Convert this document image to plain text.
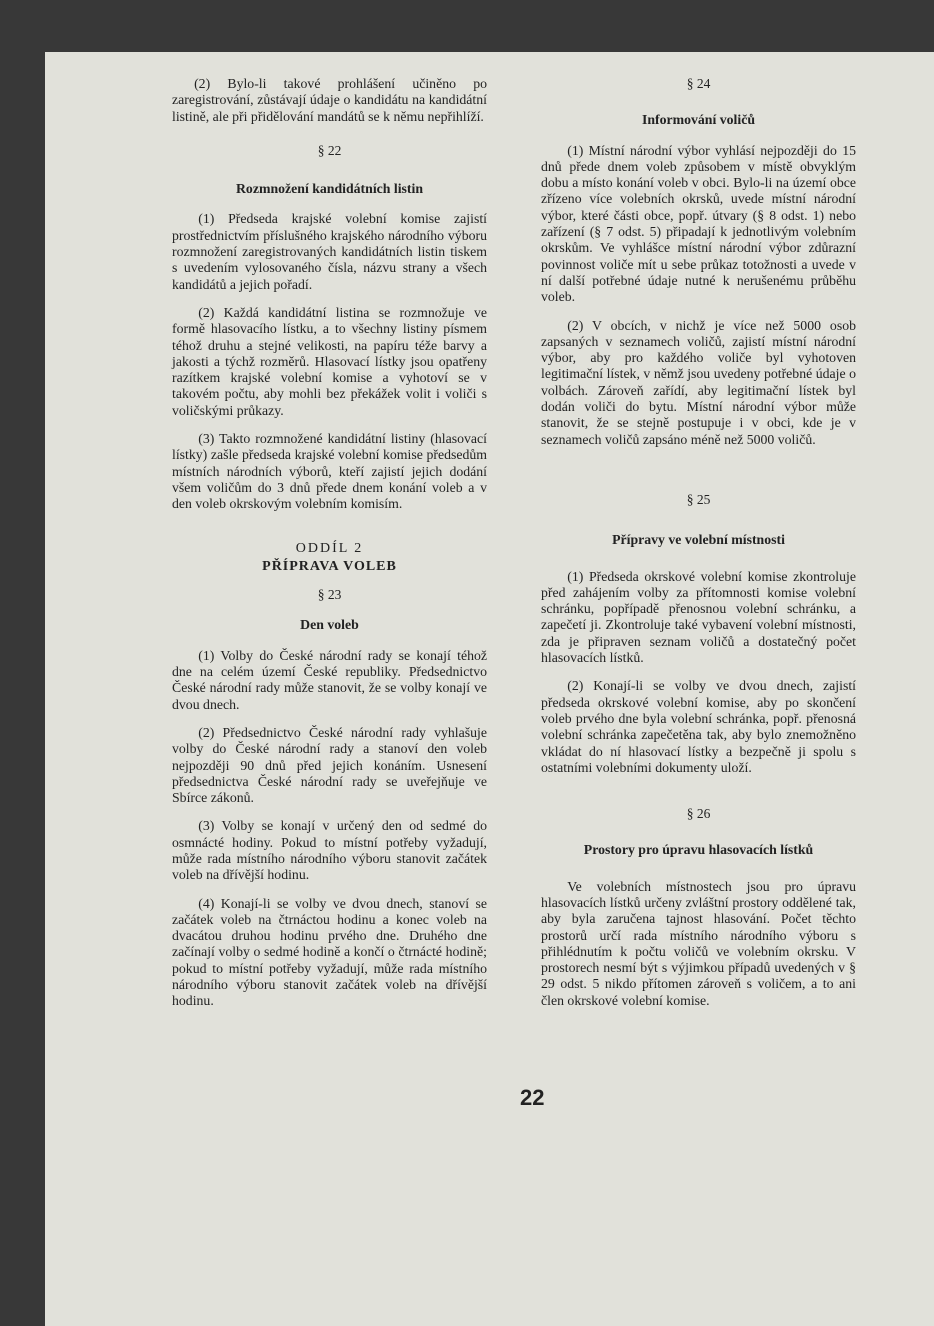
(2) Bylo-li takové prohlášení učiněno po zaregistrování, zůstávají údaje o kandidátu na kandidátní listině, ale při přidělování mandátů se k němu nepřihlíží.

§ 22
Rozmnožení kandidátních listin

(1) Předseda krajské volební komise zajistí prostřednictvím příslušného krajského národního výboru rozmnožení zaregistrovaných kandidátních listin tiskem s uvedením vylosovaného čísla, názvu strany a všech kandidátů a jejich pořadí.

(2) Každá kandidátní listina se rozmnožuje ve formě hlasovacího lístku, a to všechny listiny písmem téhož druhu a stejné velikosti, na papíru téže barvy a jakosti a týchž rozměrů. Hlasovací lístky jsou opatřeny razítkem krajské volební komise a vyhotoví se v takovém počtu, aby mohli bez překážek volit i voliči s voličskými průkazy.

(3) Takto rozmnožené kandidátní listiny (hlasovací lístky) zašle předseda krajské volební komise předsedům místních národních výborů, kteří zajistí jejich dodání všem voličům do 3 dnů přede dnem konání voleb a v den voleb okrskovým volebním komisím.

ODDÍL 2
PŘÍPRAVA VOLEB
§ 23
Den voleb

(1) Volby do České národní rady se konají téhož dne na celém území České republiky. Předsednictvo České národní rady může stanovit, že se volby konají ve dvou dnech.

(2) Předsednictvo České národní rady vyhlašuje volby do České národní rady a stanoví den voleb nejpozději 90 dnů před jejich konáním. Usnesení předsednictva České národní rady se uveřejňuje ve Sbírce zákonů.

(3) Volby se konají v určený den od sedmé do osmnácté hodiny. Pokud to místní potřeby vyžadují, může rada místního národního výboru stanovit začátek voleb na dřívější hodinu.

(4) Konají-li se volby ve dvou dnech, stanoví se začátek voleb na čtrnáctou hodinu a konec voleb na dvacátou druhou hodinu prvého dne. Druhého dne začínají volby o sedmé hodině a končí o čtrnácté hodině; pokud to místní potřeby vyžadují, může rada místního národního výboru stanovit začátek voleb na dřívější hodinu.

§ 24
Informování voličů

(1) Místní národní výbor vyhlásí nejpozději do 15 dnů přede dnem voleb způsobem v místě obvyklým dobu a místo konání voleb v obci. Bylo-li na území obce zřízeno více volebních okrsků, uvede místní národní výbor, které části obce, popř. útvary (§ 8 odst. 1) nebo zařízení (§ 7 odst. 5) připadají k jednotlivým volebním okrskům. Ve vyhlášce místní národní výbor zdůrazní povinnost voliče mít u sebe průkaz totožnosti a uvede v ní další potřebné údaje nutné k nerušenému průběhu voleb.

(2) V obcích, v nichž je více než 5000 osob zapsaných v seznamech voličů, zajistí místní národní výbor, aby pro každého voliče byl vyhotoven legitimační lístek, v němž jsou uvedeny potřebné údaje o volbách. Zároveň zařídí, aby legitimační lístek byl dodán voliči do bytu. Místní národní výbor může stanovit, že se stejně postupuje i v obci, kde je v seznamech voličů zapsáno méně než 5000 voličů.

§ 25
Přípravy ve volební místnosti

(1) Předseda okrskové volební komise zkontroluje před zahájením volby za přítomnosti komise volební schránku, popřípadě přenosnou volební schránku, a zapečetí ji. Zkontroluje také vybavení volební místnosti, zda je připraven seznam voličů a dostatečný počet hlasovacích lístků.

(2) Konají-li se volby ve dvou dnech, zajistí předseda okrskové volební komise, aby po skončení voleb prvého dne byla volební schránka, popř. přenosná volební schránka zapečetěna tak, aby bylo znemožněno vkládat do ní hlasovací lístky a bezpečně ji spolu s ostatními volebními dokumenty uloží.

§ 26
Prostory pro úpravu hlasovacích lístků

Ve volebních místnostech jsou pro úpravu hlasovacích lístků určeny zvláštní prostory oddělené tak, aby byla zaručena tajnost hlasování. Počet těchto prostorů určí rada místního národního výboru s přihlédnutím k počtu voličů ve volebním okrsku. V prostorech nesmí být s výjimkou případů uvedených v § 29 odst. 5 nikdo přítomen zároveň s voličem, a to ani člen okrskové volební komise.

22
